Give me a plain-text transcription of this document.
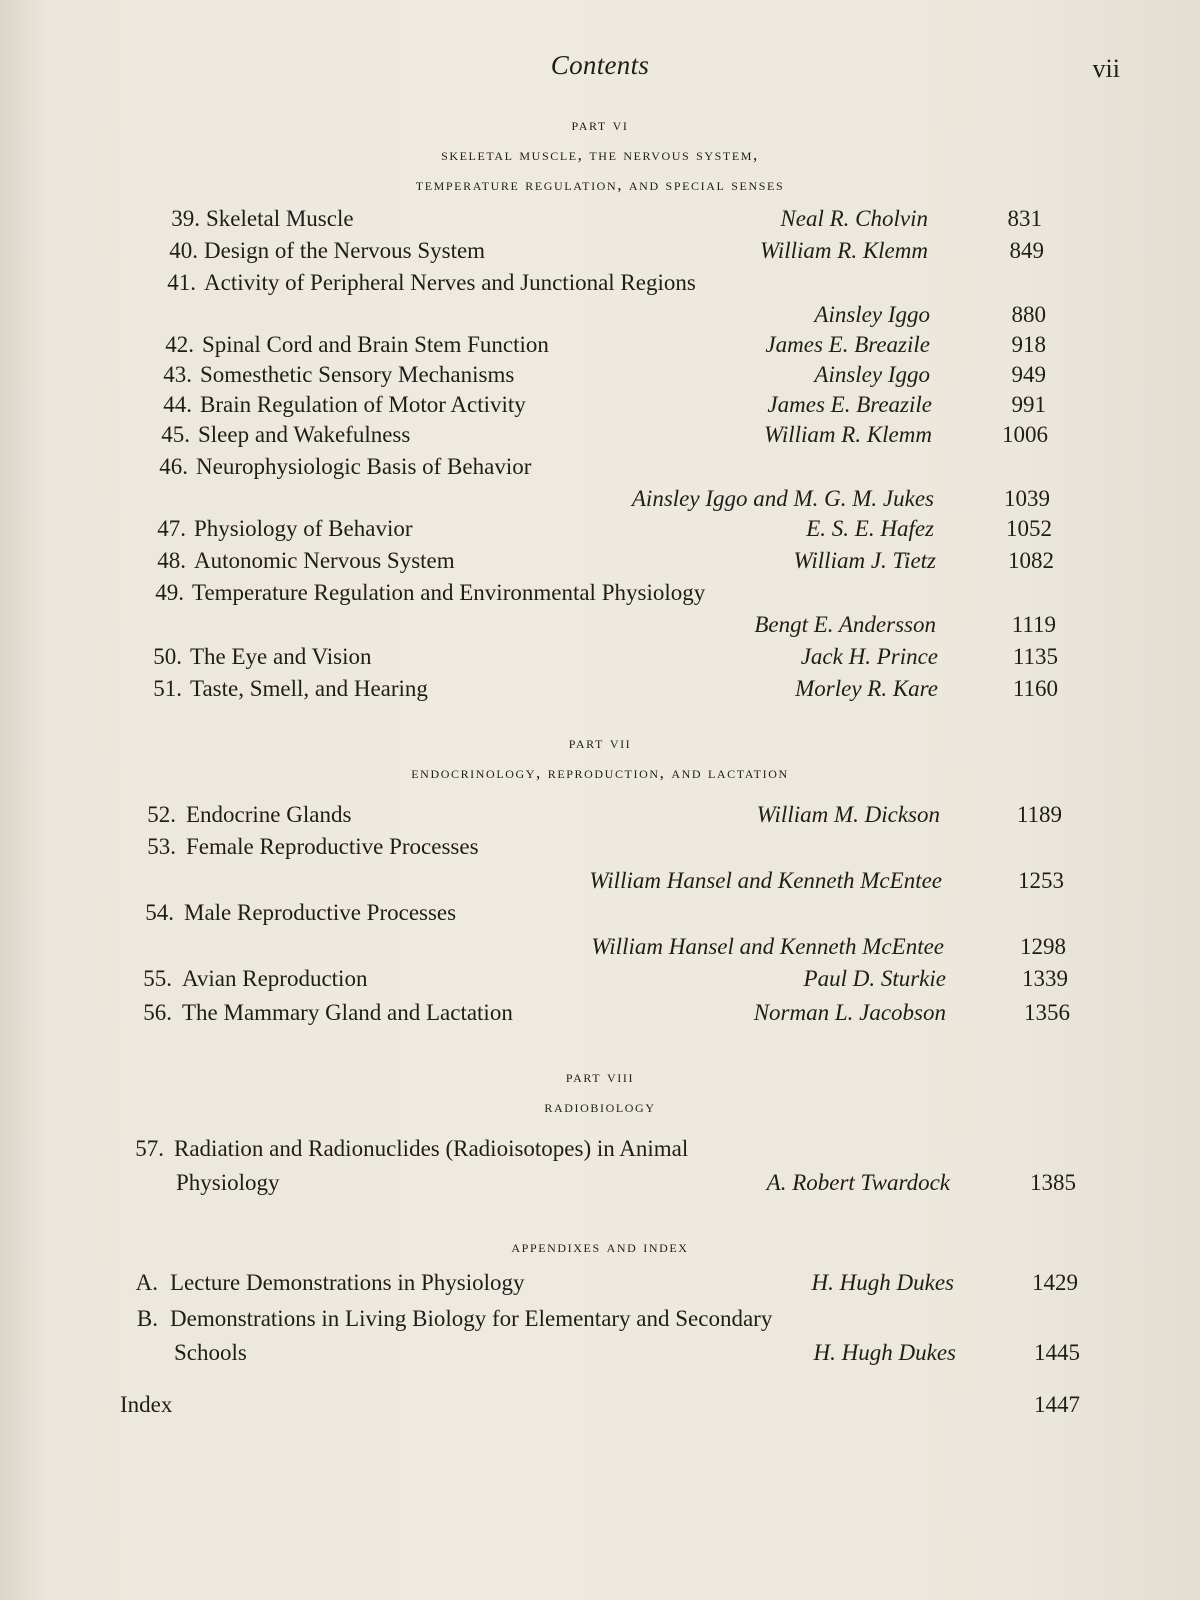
Contents	vii
part vi
skeletal muscle, the nervous system,
temperature regulation, and special senses
part vii
endocrinology, reproduction, and lactation
part viii
radiobiology
appendixes and index
39. Skeletal Muscle	Neal R. Cholvin	831
40. Design of the Nervous System	William R. Klemm	849
41. Activity of Peripheral Nerves and Junctional Regions
Ainsley Iggo	880
42. Spinal Cord and Brain Stem Function	James E. Breazile	918
43. Somesthetic Sensory Mechanisms	Ainsley Iggo	949
44. Brain Regulation of Motor Activity	James E. Breazile	991
45. Sleep and Wakefulness	William R. Klemm	1006
46. Neurophysiologic Basis of Behavior
Ainsley Iggo and M. G. M. Jukes	1039
47. Physiology of Behavior	E. S. E. Hafez	1052
48. Autonomic Nervous System	William J. Tietz	1082
49. Temperature Regulation and Environmental Physiology
Bengt E. Andersson	1119
50. The Eye and Vision	Jack H. Prince	1135
51. Taste, Smell, and Hearing	Morley R. Kare	1160
52. Endocrine Glands	William M. Dickson	1189
53. Female Reproductive Processes
William Hansel and Kenneth McEntee	1253
54. Male Reproductive Processes
William Hansel and Kenneth McEntee	1298
55. Avian Reproduction	Paul D. Sturkie	1339
56. The Mammary Gland and Lactation	Norman L. Jacobson	1356
57. Radiation and Radionuclides (Radioisotopes) in Animal
Physiology	A. Robert Twardock	1385
A. Lecture Demonstrations in Physiology	H. Hugh Dukes	1429
B. Demonstrations in Living Biology for Elementary and Secondary
Schools	H. Hugh Dukes	1445
Index	1447
